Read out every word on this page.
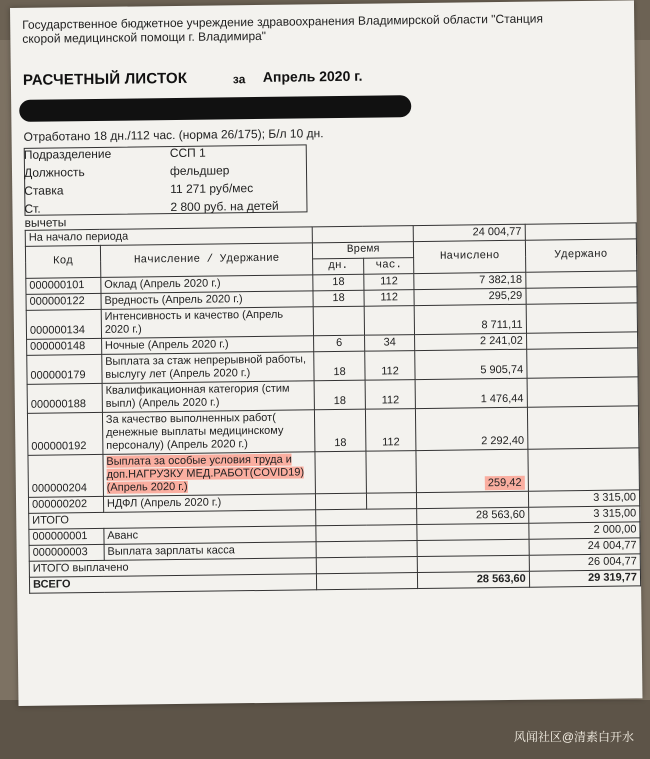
Государственное бюджетное учреждение здравоохранения Владимирской области "Станция
скорой медицинской помощи г. Владимира"
РАСЧЕТНЫЙ ЛИСТОК	за Апрель 2020 г.
Отработано 18 дн./112 час. (норма 26/175); Б/л 10 дн.
Подразделение	ССП 1
Должность	фельдшер
Ставка	11 271 руб/мес
Ст. вычеты
2 800 руб. на детей
На начало периода				24 004,77	
Код	Начисление / Удержание	Время		Начислено	Удержано
		дн.	час.		
000000101	Оклад (Апрель 2020 г.)	18	112	7 382,18	
000000122	Вредность (Апрель 2020 г.)	18	112	295,29	
000000134	Интенсивность и качество (Апрель 2020 г.)			8 711,11	
000000148	Ночные (Апрель 2020 г.)	6	34	2 241,02	
000000179	Выплата за стаж непрерывной работы, выслугу лет (Апрель 2020 г.)	18	112	5 905,74	
000000188	Квалификационная категория (стим выпл) (Апрель 2020 г.)	18	112	1 476,44	
000000192	За качество выполненных работ( денежные выплаты медицинскому персоналу) (Апрель 2020 г.)	18	112	2 292,40	
000000204	Выплата за особые условия труда и доп.НАГРУЗКУ МЕД.РАБОТ(COVID19) (Апрель 2020 г.)			259,42	
000000202	НДФЛ (Апрель 2020 г.)				3 315,00
ИТОГО				28 563,60	3 315,00
000000001	Аванс				2 000,00
000000003	Выплата зарплаты касса				24 004,77
ИТОГО выплачено					26 004,77
ВСЕГО				28 563,60	29 319,77
风闻社区@清素白开水
